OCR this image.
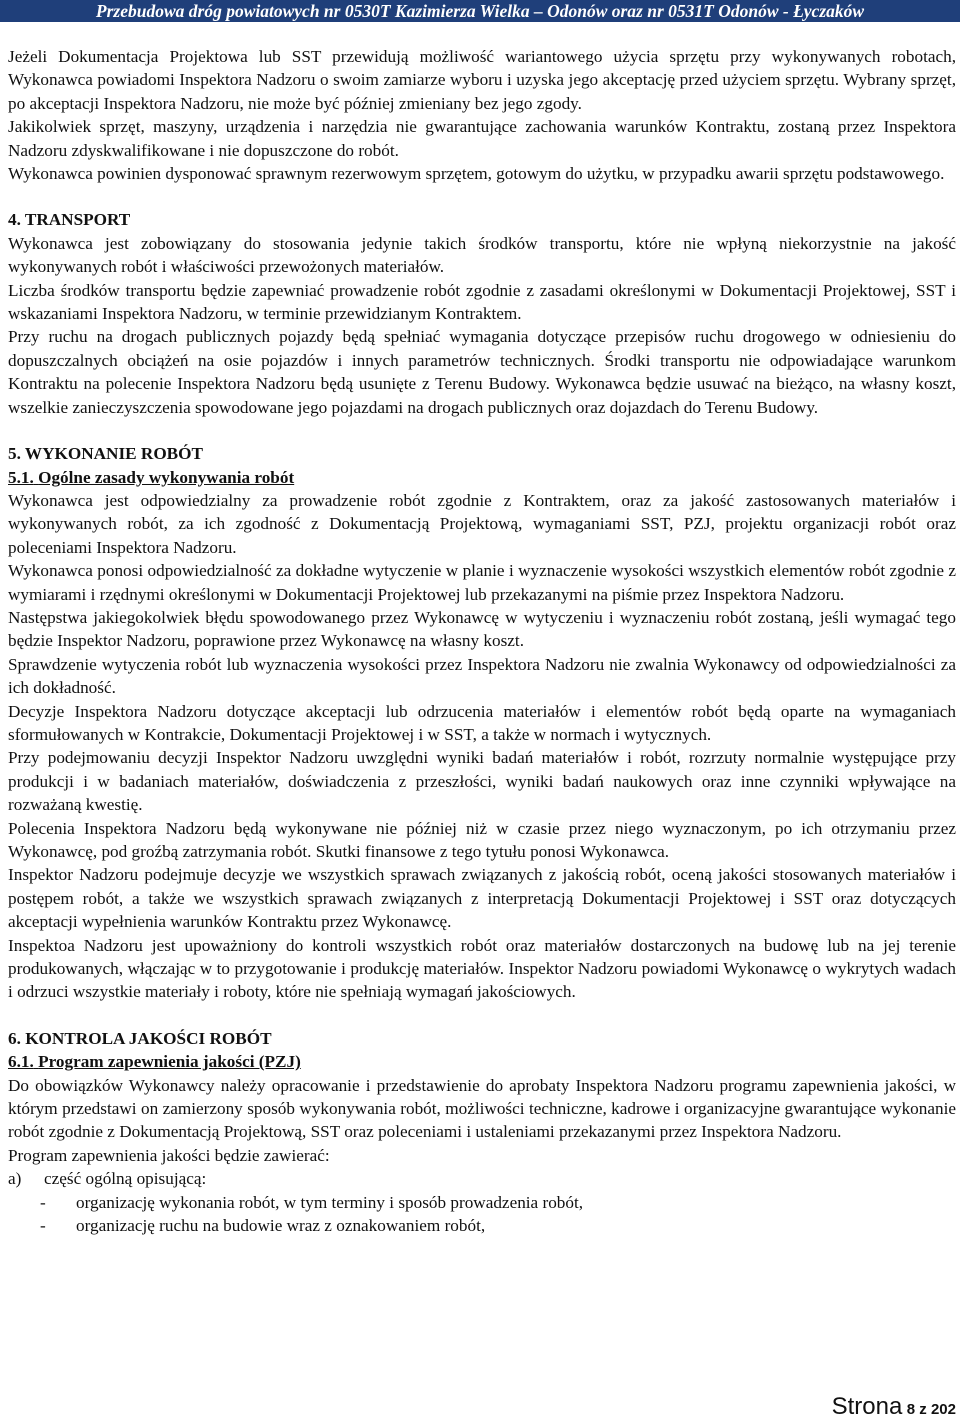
Przebudowa dróg powiatowych nr 0530T Kazimierza Wielka – Odonów oraz nr 0531T Odonów - Łyczaków

Jeżeli Dokumentacja Projektowa lub SST przewidują możliwość wariantowego użycia sprzętu przy wykonywanych robotach, Wykonawca powiadomi Inspektora Nadzoru o swoim zamiarze wyboru i uzyska jego akceptację przed użyciem sprzętu. Wybrany sprzęt, po akceptacji Inspektora Nadzoru, nie może być później zmieniany bez jego zgody.

Jakikolwiek sprzęt, maszyny, urządzenia i narzędzia nie gwarantujące zachowania warunków Kontraktu, zostaną przez Inspektora Nadzoru zdyskwalifikowane i nie dopuszczone do robót.

Wykonawca powinien dysponować sprawnym rezerwowym sprzętem, gotowym do użytku, w przypadku awarii sprzętu podstawowego.

4. TRANSPORT

Wykonawca jest zobowiązany do stosowania jedynie takich środków transportu, które nie wpłyną niekorzystnie na jakość wykonywanych robót i właściwości przewożonych materiałów.

Liczba środków transportu będzie zapewniać prowadzenie robót zgodnie z zasadami określonymi w Dokumentacji Projektowej, SST i wskazaniami Inspektora Nadzoru, w terminie przewidzianym Kontraktem.

Przy ruchu na drogach publicznych pojazdy będą spełniać wymagania dotyczące przepisów ruchu drogowego w odniesieniu do dopuszczalnych obciążeń na osie pojazdów i innych parametrów technicznych. Środki transportu nie odpowiadające warunkom Kontraktu na polecenie Inspektora Nadzoru będą usunięte z Terenu Budowy. Wykonawca będzie usuwać na bieżąco, na własny koszt, wszelkie zanieczyszczenia spowodowane jego pojazdami na drogach publicznych oraz dojazdach do Terenu Budowy.

5. WYKONANIE ROBÓT
5.1. Ogólne zasady wykonywania robót

Wykonawca jest odpowiedzialny za prowadzenie robót zgodnie z Kontraktem, oraz za jakość zastosowanych materiałów i wykonywanych robót, za ich zgodność z Dokumentacją Projektową, wymaganiami SST, PZJ, projektu organizacji robót oraz poleceniami Inspektora Nadzoru.

Wykonawca ponosi odpowiedzialność za dokładne wytyczenie w planie i wyznaczenie wysokości wszystkich elementów robót zgodnie z wymiarami i rzędnymi określonymi w Dokumentacji Projektowej lub przekazanymi na piśmie przez Inspektora Nadzoru.

Następstwa jakiegokolwiek błędu spowodowanego przez Wykonawcę w wytyczeniu i wyznaczeniu robót zostaną, jeśli wymagać tego będzie Inspektor Nadzoru, poprawione przez Wykonawcę na własny koszt.

Sprawdzenie wytyczenia robót lub wyznaczenia wysokości przez Inspektora Nadzoru nie zwalnia Wykonawcy od odpowiedzialności za ich dokładność.

Decyzje Inspektora Nadzoru dotyczące akceptacji lub odrzucenia materiałów i elementów robót będą oparte na wymaganiach sformułowanych w Kontrakcie, Dokumentacji Projektowej i w SST, a także w normach i wytycznych.

Przy podejmowaniu decyzji Inspektor Nadzoru uwzględni wyniki badań materiałów i robót, rozrzuty normalnie występujące przy produkcji i w badaniach materiałów, doświadczenia z przeszłości, wyniki badań naukowych oraz inne czynniki wpływające na rozważaną kwestię.

Polecenia Inspektora Nadzoru będą wykonywane nie później niż w czasie przez niego wyznaczonym, po ich otrzymaniu przez Wykonawcę, pod groźbą zatrzymania robót. Skutki finansowe z tego tytułu ponosi Wykonawca.

Inspektor Nadzoru podejmuje decyzje we wszystkich sprawach związanych z jakością robót, oceną jakości stosowanych materiałów i postępem robót, a także we wszystkich sprawach związanych z interpretacją Dokumentacji Projektowej i SST oraz dotyczących akceptacji wypełnienia warunków Kontraktu przez Wykonawcę.

Inspektoa Nadzoru jest upoważniony do kontroli wszystkich robót oraz materiałów dostarczonych na budowę lub na jej terenie produkowanych, włączając w to przygotowanie i produkcję materiałów. Inspektor Nadzoru powiadomi Wykonawcę o wykrytych wadach i odrzuci wszystkie materiały i roboty, które nie spełniają wymagań jakościowych.

6. KONTROLA JAKOŚCI ROBÓT
6.1. Program zapewnienia jakości (PZJ)

Do obowiązków Wykonawcy należy opracowanie i przedstawienie do aprobaty Inspektora Nadzoru programu zapewnienia jakości, w którym przedstawi on zamierzony sposób wykonywania robót, możliwości techniczne, kadrowe i organizacyjne gwarantujące wykonanie robót zgodnie z Dokumentacją Projektową, SST oraz poleceniami i ustaleniami przekazanymi przez Inspektora Nadzoru.

Program zapewnienia jakości będzie zawierać:

a)	część ogólną opisującą:
-	organizację wykonania robót, w tym terminy i sposób prowadzenia robót,
-	organizację ruchu na budowie wraz z oznakowaniem robót,
Strona 8 z 202
